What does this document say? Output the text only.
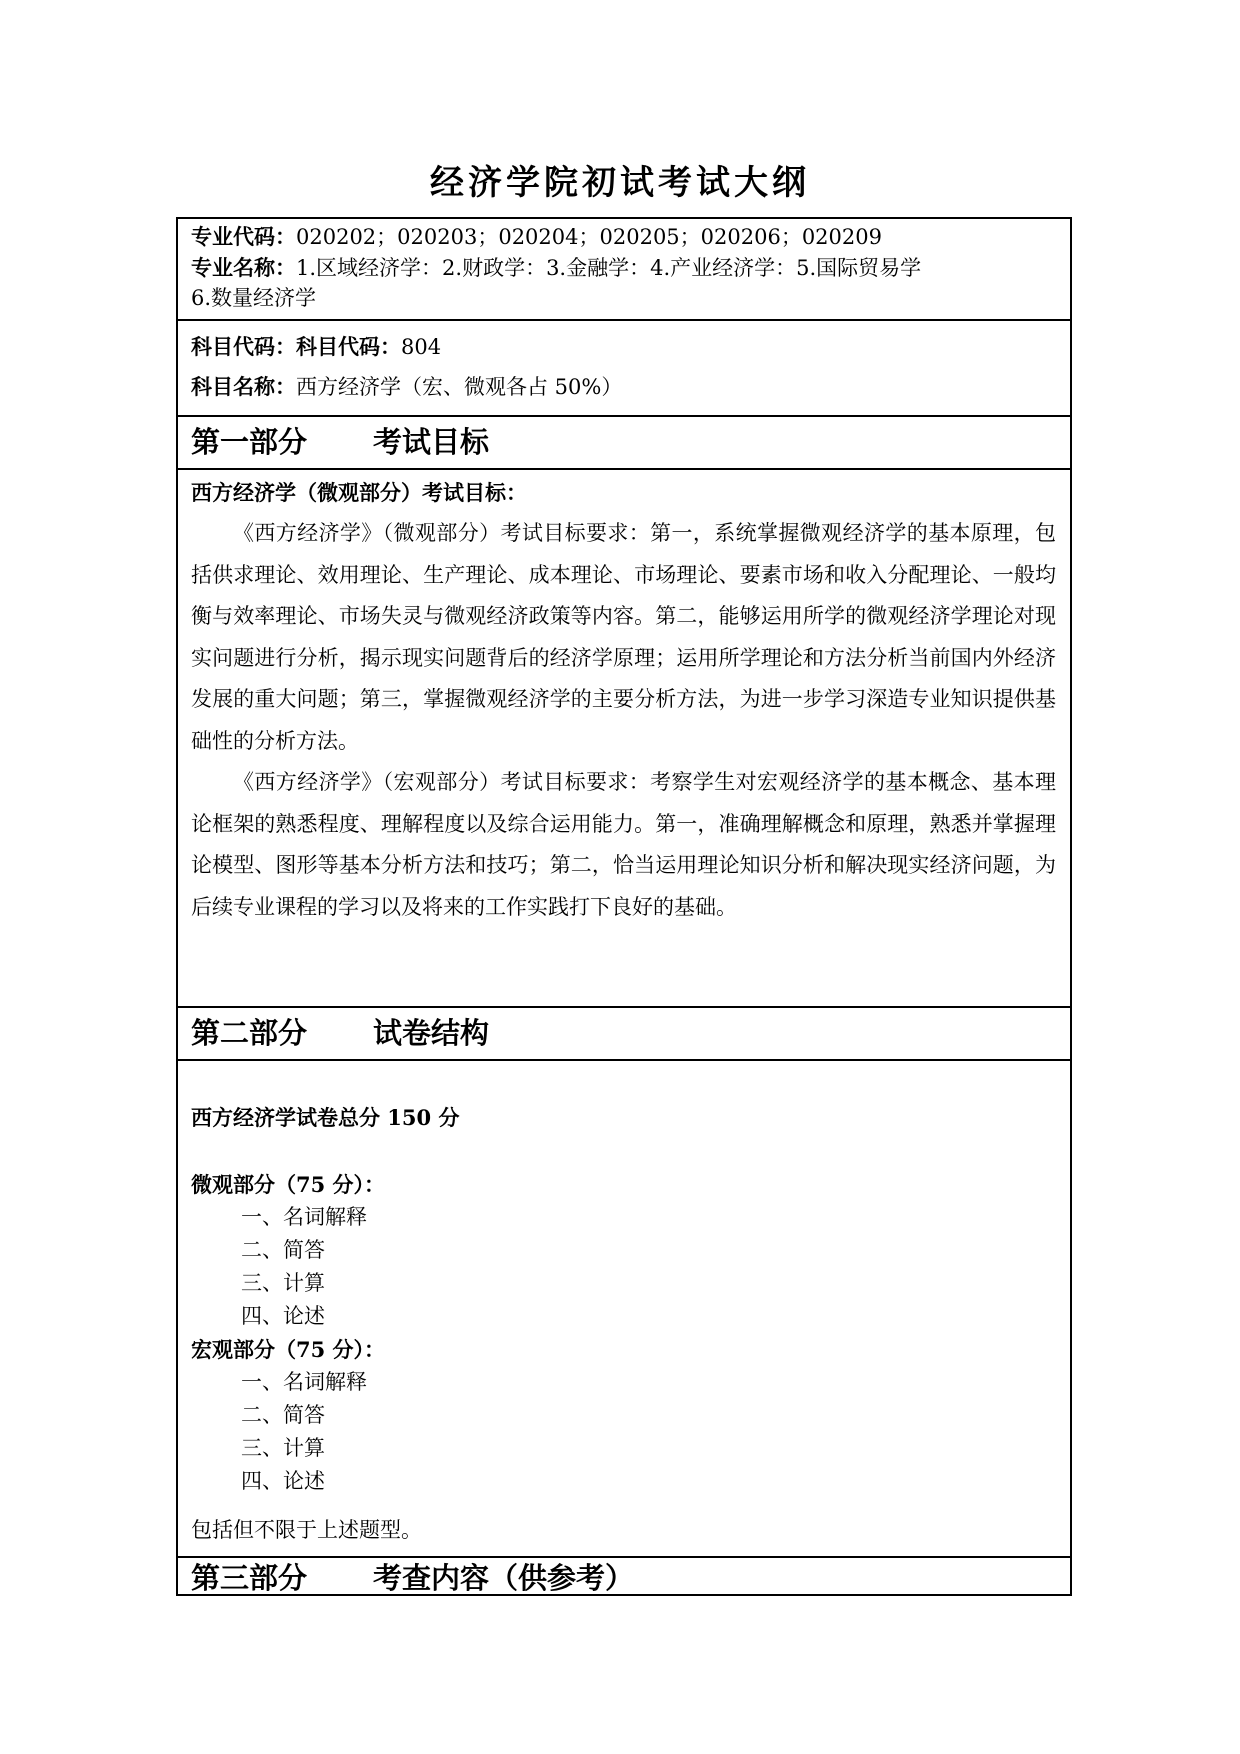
经济学院初试考试大纲
专业代码：020202；020203；020204；020205；020206；020209
专业名称：1.区域经济学：2.财政学：3.金融学：4.产业经济学：5.国际贸易学
6.数量经济学
科目代码：科目代码：804
科目名称：西方经济学（宏、微观各占 50%）
第一部分 考试目标
西方经济学（微观部分）考试目标：

《西方经济学》（微观部分）考试目标要求：第一，系统掌握微观经济学的基本原理，包括供求理论、效用理论、生产理论、成本理论、市场理论、要素市场和收入分配理论、一般均衡与效率理论、市场失灵与微观经济政策等内容。第二，能够运用所学的微观经济学理论对现实问题进行分析，揭示现实问题背后的经济学原理；运用所学理论和方法分析当前国内外经济发展的重大问题；第三，掌握微观经济学的主要分析方法，为进一步学习深造专业知识提供基础性的分析方法。

《西方经济学》（宏观部分）考试目标要求：考察学生对宏观经济学的基本概念、基本理论框架的熟悉程度、理解程度以及综合运用能力。第一，准确理解概念和原理，熟悉并掌握理论模型、图形等基本分析方法和技巧；第二，恰当运用理论知识分析和解决现实经济问题，为后续专业课程的学习以及将来的工作实践打下良好的基础。

第二部分 试卷结构
西方经济学试卷总分 150 分
微观部分（75 分）：
一、名词解释
二、简答
三、计算
四、论述
宏观部分（75 分）：
一、名词解释
二、简答
三、计算
四、论述
包括但不限于上述题型。
第三部分 考查内容（供参考）
